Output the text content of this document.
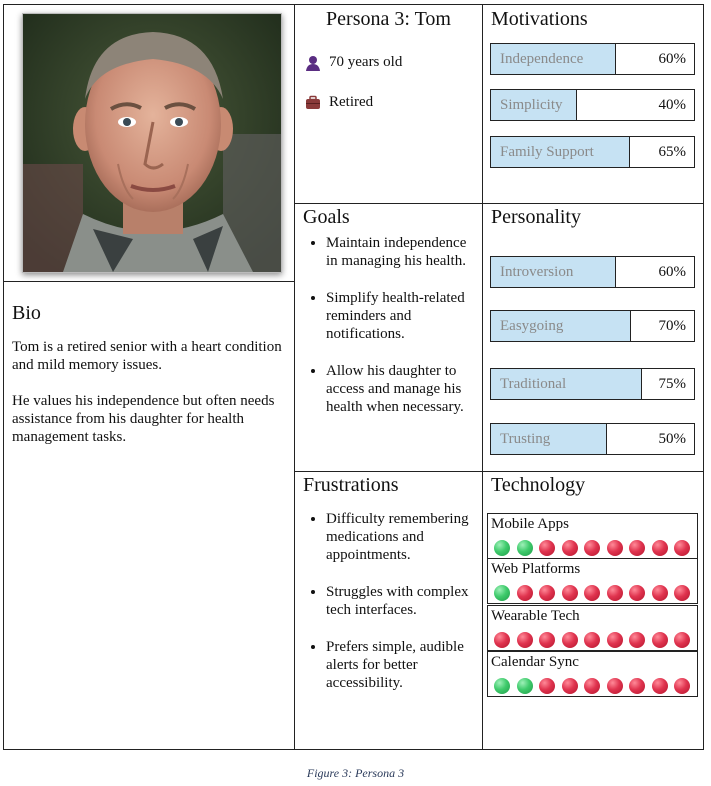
Bio

Tom is a retired senior with a heart condition and mild memory issues.

He values his independence but often needs assistance from his daughter for health management tasks.

Persona 3: Tom
70 years old
Retired
Motivations
Independence	60%
Simplicity	40%
Family Support	65%
Goals
• Maintain independence in managing his health.
• Simplify health-related reminders and notifications.
• Allow his daughter to access and manage his health when necessary.
Personality
Introversion	60%
Easygoing	70%
Traditional	75%
Trusting	50%
Frustrations
• Difficulty remembering medications and appointments.
• Struggles with complex tech interfaces.
• Prefers simple, audible alerts for better accessibility.
Technology
Mobile Apps
Web Platforms
Wearable Tech
Calendar Sync
Figure 3: Persona 3
